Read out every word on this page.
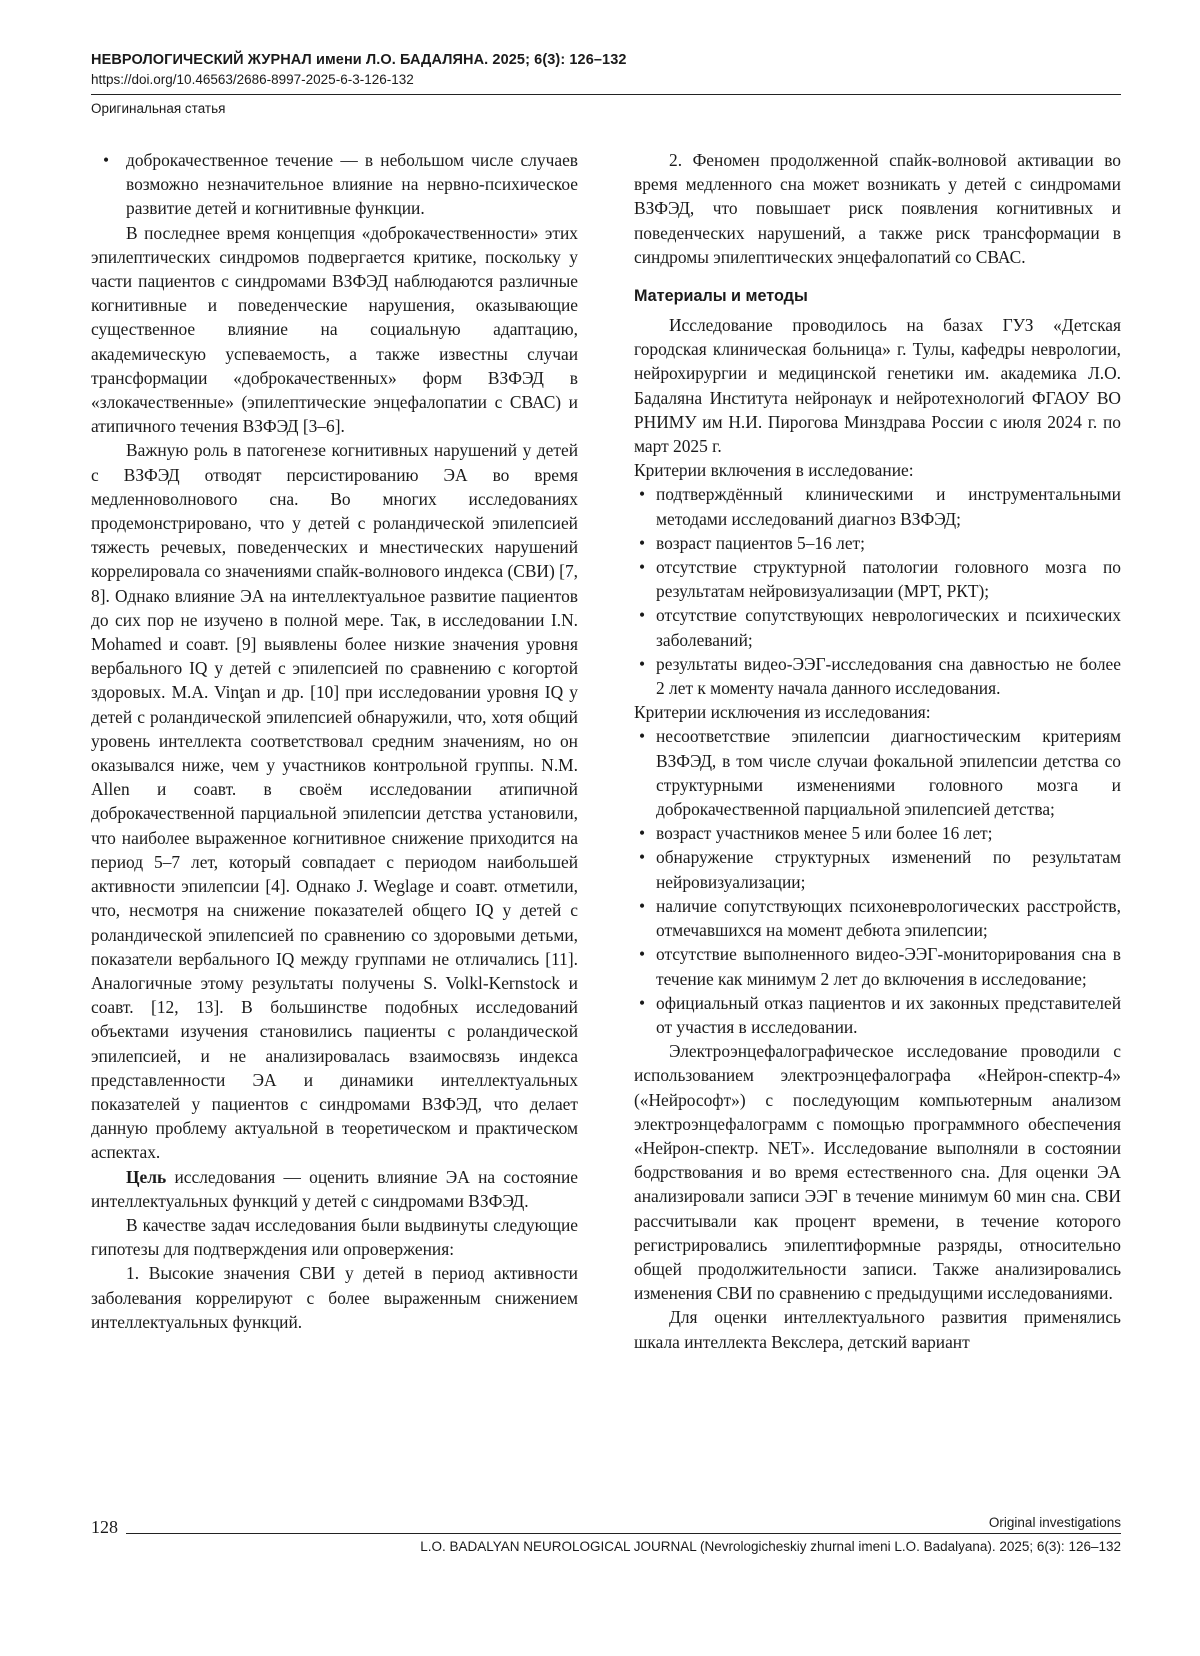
НЕВРОЛОГИЧЕСКИЙ ЖУРНАЛ имени Л.О. БАДАЛЯНА. 2025; 6(3): 126–132
https://doi.org/10.46563/2686-8997-2025-6-3-126-132
Оригинальная статья
• доброкачественное течение — в небольшом числе случаев возможно незначительное влияние на нервно-психическое развитие детей и когнитивные функции.

В последнее время концепция «доброкачественности» этих эпилептических синдромов подвергается критике, поскольку у части пациентов с синдромами ВЗФЭД наблюдаются различные когнитивные и поведенческие нарушения, оказывающие существенное влияние на социальную адаптацию, академическую успеваемость, а также известны случаи трансформации «доброкачественных» форм ВЗФЭД в «злокачественные» (эпилептические энцефалопатии с СВАС) и атипичного течения ВЗФЭД [3–6].

Важную роль в патогенезе когнитивных нарушений у детей с ВЗФЭД отводят персистированию ЭА во время медленноволнового сна. Во многих исследованиях продемонстрировано, что у детей с роландической эпилепсией тяжесть речевых, поведенческих и мнестических нарушений коррелировала со значениями спайк-волнового индекса (СВИ) [7, 8]. Однако влияние ЭА на интеллектуальное развитие пациентов до сих пор не изучено в полной мере. Так, в исследовании I.N. Mohamed и соавт. [9] выявлены более низкие значения уровня вербального IQ у детей с эпилепсией по сравнению с когортой здоровых. M.A. Vinţan и др. [10] при исследовании уровня IQ у детей с роландической эпилепсией обнаружили, что, хотя общий уровень интеллекта соответствовал средним значениям, но он оказывался ниже, чем у участников контрольной группы. N.M. Allen и соавт. в своём исследовании атипичной доброкачественной парциальной эпилепсии детства установили, что наиболее выраженное когнитивное снижение приходится на период 5–7 лет, который совпадает с периодом наибольшей активности эпилепсии [4]. Однако J. Weglage и соавт. отметили, что, несмотря на снижение показателей общего IQ у детей с роландической эпилепсией по сравнению со здоровыми детьми, показатели вербального IQ между группами не отличались [11]. Аналогичные этому результаты получены S. Volkl-Kernstock и соавт. [12, 13]. В большинстве подобных исследований объектами изучения становились пациенты с роландической эпилепсией, и не анализировалась взаимосвязь индекса представленности ЭА и динамики интеллектуальных показателей у пациентов с синдромами ВЗФЭД, что делает данную проблему актуальной в теоретическом и практическом аспектах.

Цель исследования — оценить влияние ЭА на состояние интеллектуальных функций у детей с синдромами ВЗФЭД.

В качестве задач исследования были выдвинуты следующие гипотезы для подтверждения или опровержения:

1. Высокие значения СВИ у детей в период активности заболевания коррелируют с более выраженным снижением интеллектуальных функций.

2. Феномен продолженной спайк-волновой активации во время медленного сна может возникать у детей с синдромами ВЗФЭД, что повышает риск появления когнитивных и поведенческих нарушений, а также риск трансформации в синдромы эпилептических энцефалопатий со СВАС.

Материалы и методы

Исследование проводилось на базах ГУЗ «Детская городская клиническая больница» г. Тулы, кафедры неврологии, нейрохирургии и медицинской генетики им. академика Л.О. Бадаляна Института нейронаук и нейротехнологий ФГАОУ ВО РНИМУ им Н.И. Пирогова Минздрава России с июля 2024 г. по март 2025 г.

Критерии включения в исследование:

• подтверждённый клиническими и инструментальными методами исследований диагноз ВЗФЭД;
• возраст пациентов 5–16 лет;
• отсутствие структурной патологии головного мозга по результатам нейровизуализации (МРТ, РКТ);
• отсутствие сопутствующих неврологических и психических заболеваний;
• результаты видео-ЭЭГ-исследования сна давностью не более 2 лет к моменту начала данного исследования.

Критерии исключения из исследования:

• несоответствие эпилепсии диагностическим критериям ВЗФЭД, в том числе случаи фокальной эпилепсии детства со структурными изменениями головного мозга и доброкачественной парциальной эпилепсией детства;
• возраст участников менее 5 или более 16 лет;
• обнаружение структурных изменений по результатам нейровизуализации;
• наличие сопутствующих психоневрологических расстройств, отмечавшихся на момент дебюта эпилепсии;
• отсутствие выполненного видео-ЭЭГ-мониторирования сна в течение как минимум 2 лет до включения в исследование;
• официальный отказ пациентов и их законных представителей от участия в исследовании.

Электроэнцефалографическое исследование проводили с использованием электроэнцефалографа «Нейрон-спектр-4» («Нейрософт») с последующим компьютерным анализом электроэнцефалограмм с помощью программного обеспечения «Нейрон-спектр. NET». Исследование выполняли в состоянии бодрствования и во время естественного сна. Для оценки ЭА анализировали записи ЭЭГ в течение минимум 60 мин сна. СВИ рассчитывали как процент времени, в течение которого регистрировались эпилептиформные разряды, относительно общей продолжительности записи. Также анализировались изменения СВИ по сравнению с предыдущими исследованиями.

Для оценки интеллектуального развития применялись шкала интеллекта Векслера, детский вариант

128	Original investigations
L.O. BADALYAN NEUROLOGICAL JOURNAL (Nevrologicheskiy zhurnal imeni L.O. Badalyana). 2025; 6(3): 126–132
